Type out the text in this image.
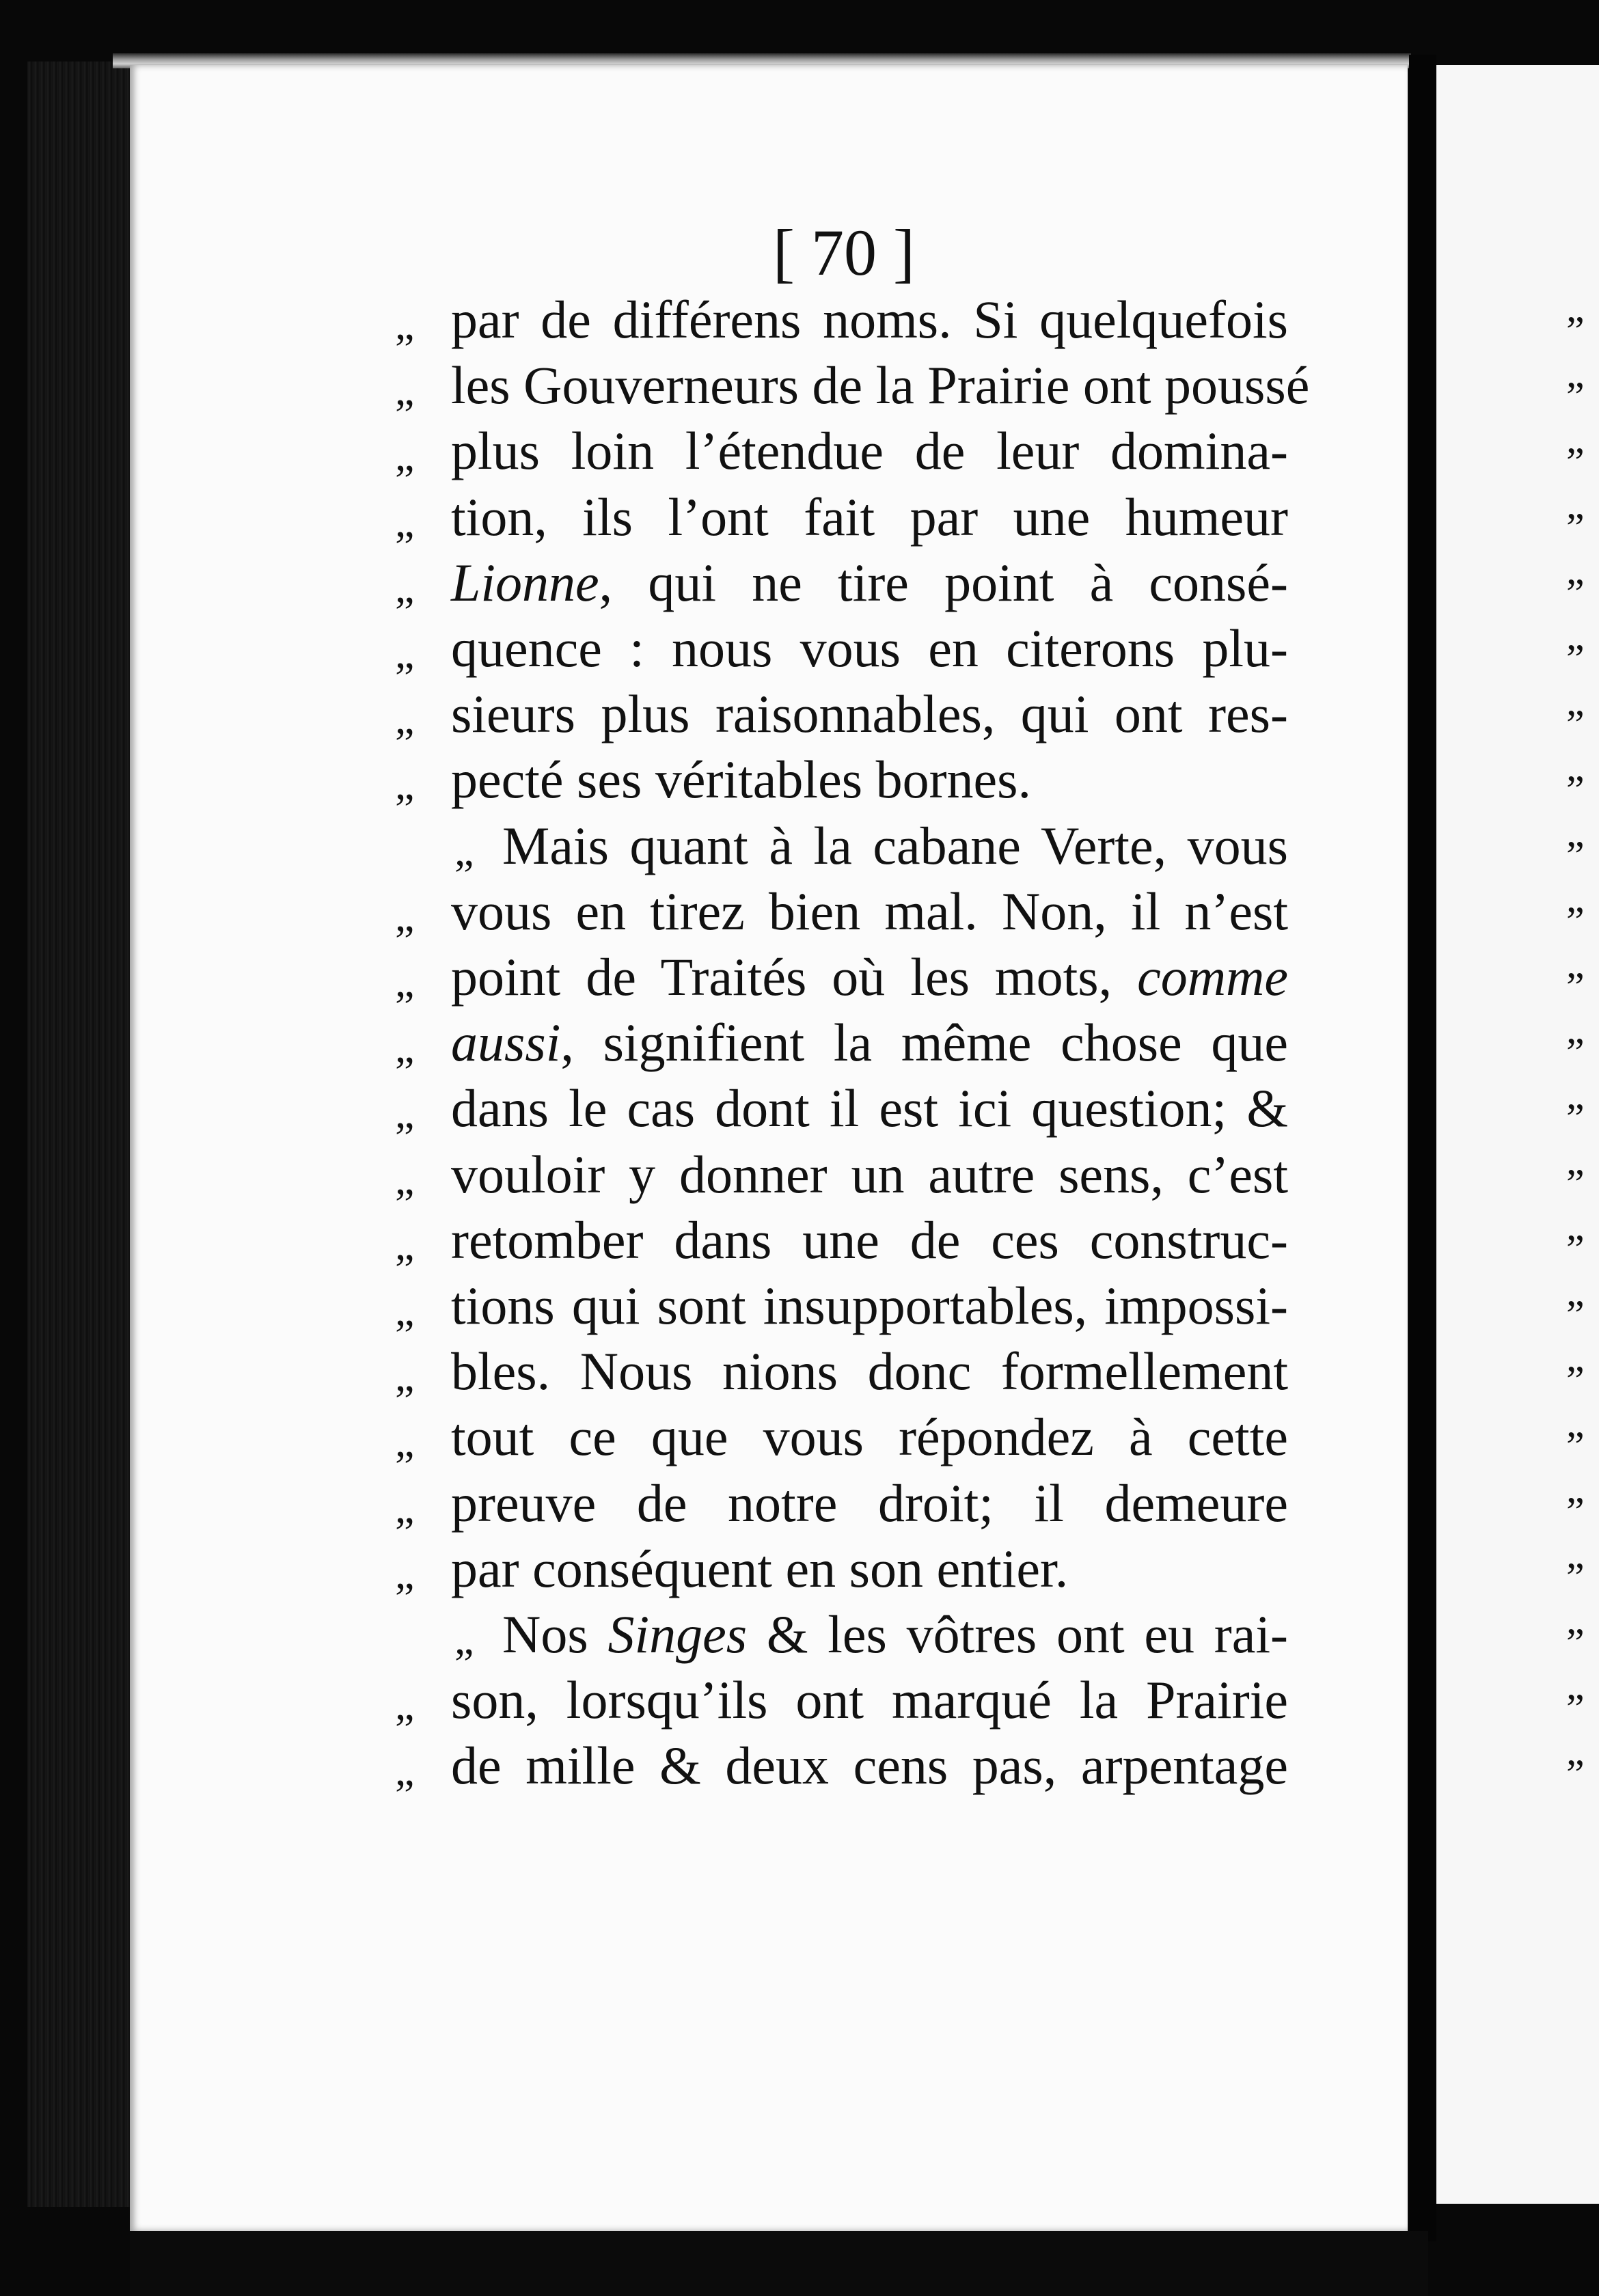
„
„
„
„
„
„
„
„
„
„
„
„
„
„
„
„
„
„
„
„
„
„
„
[ 70 ]
„ par de différens noms. Si quelquefois
„ les Gouverneurs de la Prairie ont poussé
„ plus loin l’étendue de leur domina-
„ tion, ils l’ont fait par une humeur
„ Lionne, qui ne tire point à consé-
„ quence : nous vous en citerons plu-
„ sieurs plus raisonnables, qui ont res-
„ pecté ses véritables bornes.
„ Mais quant à la cabane Verte, vous
„ vous en tirez bien mal. Non, il n’est
„ point de Traités où les mots, comme
„ aussi, signifient la même chose que
„ dans le cas dont il est ici question; &
„ vouloir y donner un autre sens, c’est
„ retomber dans une de ces construc-
„ tions qui sont insupportables, impossi-
„ bles. Nous nions donc formellement
„ tout ce que vous répondez à cette
„ preuve de notre droit; il demeure
„ par conséquent en son entier.
„ Nos Singes & les vôtres ont eu rai-
„ son, lorsqu’ils ont marqué la Prairie
„ de mille & deux cens pas, arpentage
